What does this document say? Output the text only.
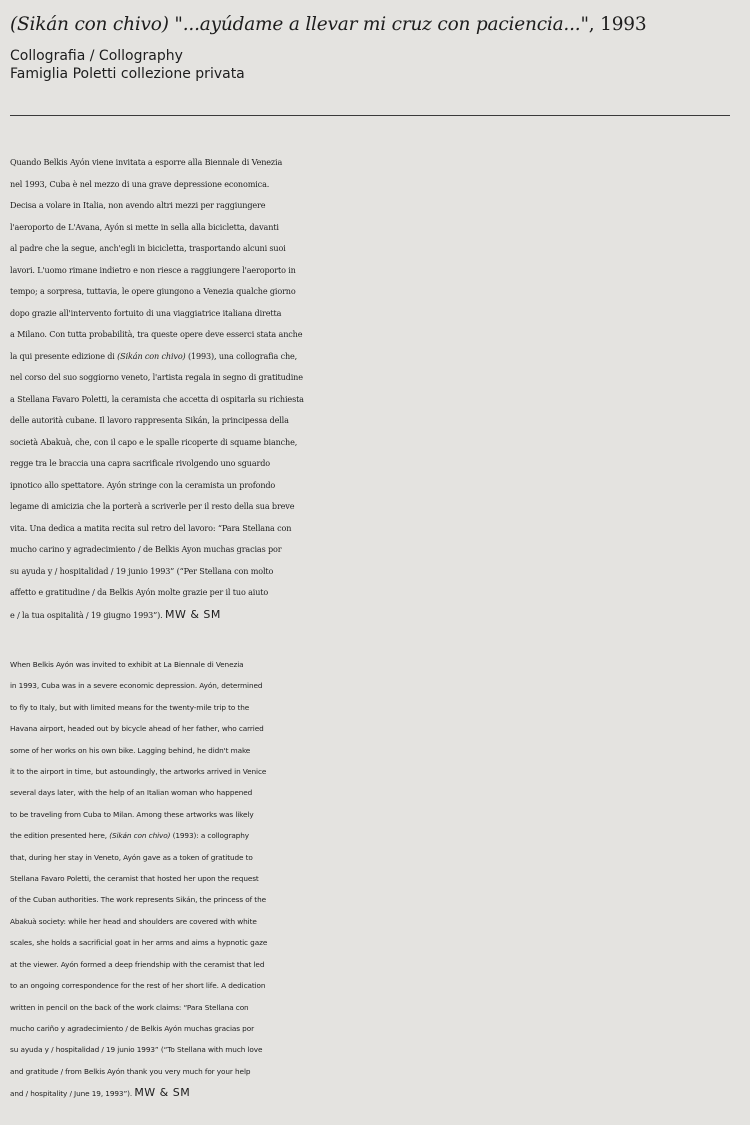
(Sikán con chivo) "...ayúdame a llevar mi cruz con paciencia...", 1993
Collografia / Collography
Famiglia Poletti collezione privata
Quando Belkis Ayón viene invitata a esporre alla Biennale di Venezia
nel 1993, Cuba è nel mezzo di una grave depressione economica.
Decisa a volare in Italia, non avendo altri mezzi per raggiungere
l'aeroporto de L'Avana, Ayón si mette in sella alla bicicletta, davanti
al padre che la segue, anch'egli in bicicletta, trasportando alcuni suoi
lavori. L'uomo rimane indietro e non riesce a raggiungere l'aeroporto in
tempo; a sorpresa, tuttavia, le opere giungono a Venezia qualche giorno
dopo grazie all'intervento fortuito di una viaggiatrice italiana diretta
a Milano. Con tutta probabilità, tra queste opere deve esserci stata anche
la qui presente edizione di (Sikán con chivo) (1993), una collografia che,
nel corso del suo soggiorno veneto, l'artista regala in segno di gratitudine
a Stellana Favaro Poletti, la ceramista che accetta di ospitarla su richiesta
delle autorità cubane. Il lavoro rappresenta Sikán, la principessa della
società Abakuà, che, con il capo e le spalle ricoperte di squame bianche,
regge tra le braccia una capra sacrificale rivolgendo uno sguardo
ipnotico allo spettatore. Ayón stringe con la ceramista un profondo
legame di amicizia che la porterà a scriverle per il resto della sua breve
vita. Una dedica a matita recita sul retro del lavoro: “Para Stellana con
mucho carino y agradecimiento / de Belkis Ayon muchas gracias por
su ayuda y / hospitalidad / 19 junio 1993” (“Per Stellana con molto
affetto e gratitudine / da Belkis Ayón molte grazie per il tuo aiuto
e / la tua ospitalità / 19 giugno 1993”). MW & SM
When Belkis Ayón was invited to exhibit at La Biennale di Venezia
in 1993, Cuba was in a severe economic depression. Ayón, determined
to fly to Italy, but with limited means for the twenty-mile trip to the
Havana airport, headed out by bicycle ahead of her father, who carried
some of her works on his own bike. Lagging behind, he didn't make
it to the airport in time, but astoundingly, the artworks arrived in Venice
several days later, with the help of an Italian woman who happened
to be traveling from Cuba to Milan. Among these artworks was likely
the edition presented here, (Sikán con chivo) (1993): a collography
that, during her stay in Veneto, Ayón gave as a token of gratitude to
Stellana Favaro Poletti, the ceramist that hosted her upon the request
of the Cuban authorities. The work represents Sikán, the princess of the
Abakuà society: while her head and shoulders are covered with white
scales, she holds a sacrificial goat in her arms and aims a hypnotic gaze
at the viewer. Ayón formed a deep friendship with the ceramist that led
to an ongoing correspondence for the rest of her short life. A dedication
written in pencil on the back of the work claims: “Para Stellana con
mucho cariño y agradecimiento / de Belkis Ayón muchas gracias por
su ayuda y / hospitalidad / 19 junio 1993” (“To Stellana with much love
and gratitude / from Belkis Ayón thank you very much for your help
and / hospitality / June 19, 1993”). MW & SM
